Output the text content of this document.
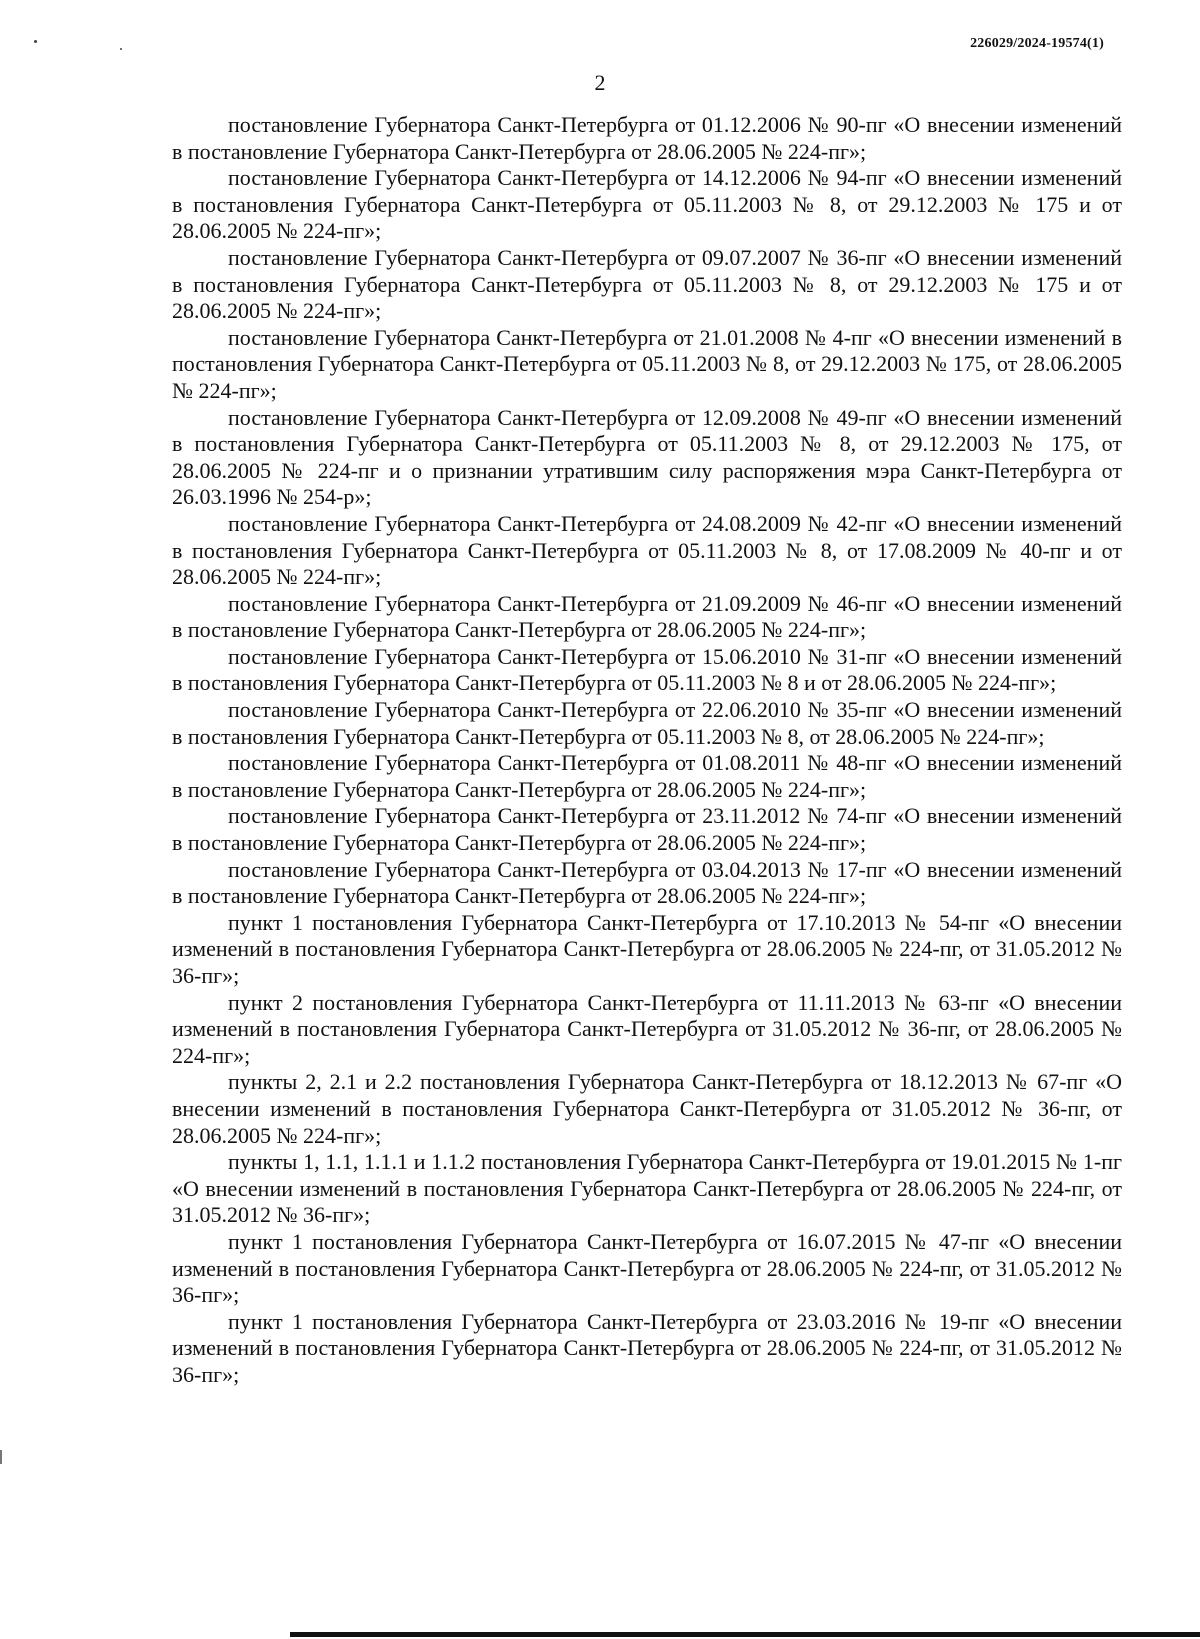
226029/2024-19574(1)
2

постановление Губернатора Санкт-Петербурга от 01.12.2006 № 90-пг «О внесении изменений в постановление Губернатора Санкт-Петербурга от 28.06.2005 № 224-пг»;

постановление Губернатора Санкт-Петербурга от 14.12.2006 № 94-пг «О внесении изменений в постановления Губернатора Санкт-Петербурга от 05.11.2003 № 8, от 29.12.2003 № 175 и от 28.06.2005 № 224-пг»;

постановление Губернатора Санкт-Петербурга от 09.07.2007 № 36-пг «О внесении изменений в постановления Губернатора Санкт-Петербурга от 05.11.2003 № 8, от 29.12.2003 № 175 и от 28.06.2005 № 224-пг»;

постановление Губернатора Санкт-Петербурга от 21.01.2008 № 4-пг «О внесении изменений в постановления Губернатора Санкт-Петербурга от 05.11.2003 № 8, от 29.12.2003 № 175, от 28.06.2005 № 224-пг»;

постановление Губернатора Санкт-Петербурга от 12.09.2008 № 49-пг «О внесении изменений в постановления Губернатора Санкт-Петербурга от 05.11.2003 № 8, от 29.12.2003 № 175, от 28.06.2005 № 224-пг и о признании утратившим силу распоряжения мэра Санкт-Петербурга от 26.03.1996 № 254-р»;

постановление Губернатора Санкт-Петербурга от 24.08.2009 № 42-пг «О внесении изменений в постановления Губернатора Санкт-Петербурга от 05.11.2003 № 8, от 17.08.2009 № 40-пг и от 28.06.2005 № 224-пг»;

постановление Губернатора Санкт-Петербурга от 21.09.2009 № 46-пг «О внесении изменений в постановление Губернатора Санкт-Петербурга от 28.06.2005 № 224-пг»;

постановление Губернатора Санкт-Петербурга от 15.06.2010 № 31-пг «О внесении изменений в постановления Губернатора Санкт-Петербурга от 05.11.2003 № 8 и от 28.06.2005 № 224-пг»;

постановление Губернатора Санкт-Петербурга от 22.06.2010 № 35-пг «О внесении изменений в постановления Губернатора Санкт-Петербурга от 05.11.2003 № 8, от 28.06.2005 № 224-пг»;

постановление Губернатора Санкт-Петербурга от 01.08.2011 № 48-пг «О внесении изменений в постановление Губернатора Санкт-Петербурга от 28.06.2005 № 224-пг»;

постановление Губернатора Санкт-Петербурга от 23.11.2012 № 74-пг «О внесении изменений в постановление Губернатора Санкт-Петербурга от 28.06.2005 № 224-пг»;

постановление Губернатора Санкт-Петербурга от 03.04.2013 № 17-пг «О внесении изменений в постановление Губернатора Санкт-Петербурга от 28.06.2005 № 224-пг»;

пункт 1 постановления Губернатора Санкт-Петербурга от 17.10.2013 № 54-пг «О внесении изменений в постановления Губернатора Санкт-Петербурга от 28.06.2005 № 224-пг, от 31.05.2012 № 36-пг»;

пункт 2 постановления Губернатора Санкт-Петербурга от 11.11.2013 № 63-пг «О внесении изменений в постановления Губернатора Санкт-Петербурга от 31.05.2012 № 36-пг, от 28.06.2005 № 224-пг»;

пункты 2, 2.1 и 2.2 постановления Губернатора Санкт-Петербурга от 18.12.2013 № 67-пг «О внесении изменений в постановления Губернатора Санкт-Петербурга от 31.05.2012 № 36-пг, от 28.06.2005 № 224-пг»;

пункты 1, 1.1, 1.1.1 и 1.1.2 постановления Губернатора Санкт-Петербурга от 19.01.2015 № 1-пг «О внесении изменений в постановления Губернатора Санкт-Петербурга от 28.06.2005 № 224-пг, от 31.05.2012 № 36-пг»;

пункт 1 постановления Губернатора Санкт-Петербурга от 16.07.2015 № 47-пг «О внесении изменений в постановления Губернатора Санкт-Петербурга от 28.06.2005 № 224-пг, от 31.05.2012 № 36-пг»;

пункт 1 постановления Губернатора Санкт-Петербурга от 23.03.2016 № 19-пг «О внесении изменений в постановления Губернатора Санкт-Петербурга от 28.06.2005 № 224-пг, от 31.05.2012 № 36-пг»;
